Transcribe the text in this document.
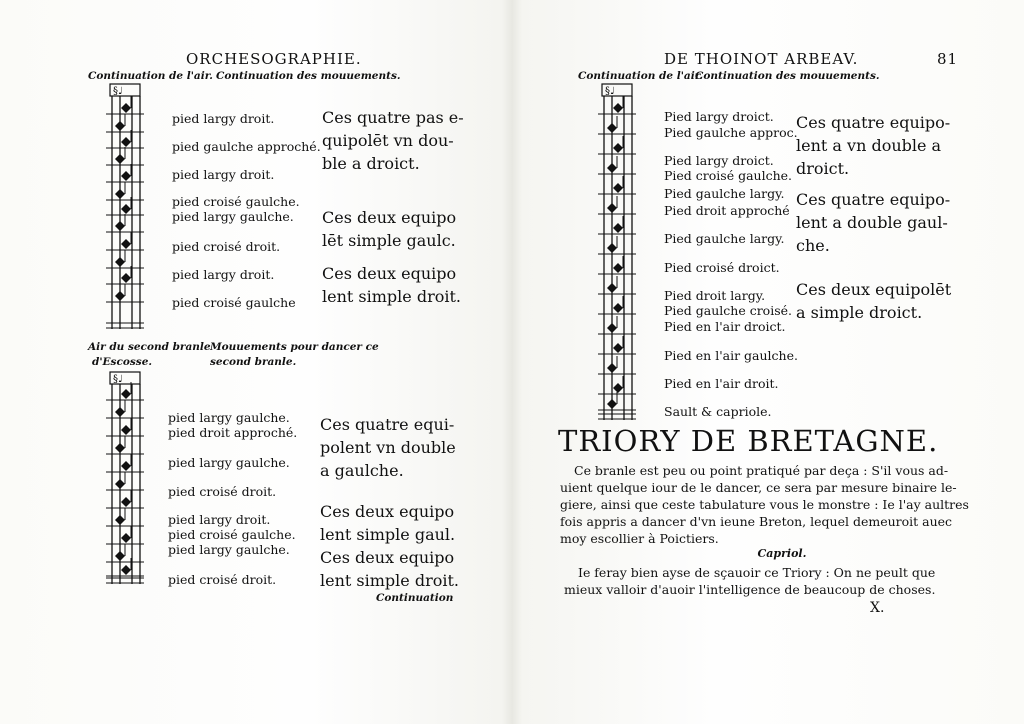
ORCHESOGRAPHIE.
Continuation de l'air. Continuation des mouuements.
§♩
pied largy droit.
pied gaulche approché.
pied largy droit.
pied croisé gaulche.
pied largy gaulche.
pied croisé droit.
pied largy droit.
pied croisé gaulche
Ces quatre pas e-
quipolēt vn dou-
ble a droict.
Ces deux equipo
lēt simple gaulc.
Ces deux equipo
lent simple droit.
Air du second branle
d'Escosse.
Mouuements pour dancer ce
second branle.
§♩
pied largy gaulche.
pied droit approché.
pied largy gaulche.
pied croisé droit.
pied largy droit.
pied croisé gaulche.
pied largy gaulche.
pied croisé droit.
Ces quatre equi-
polent vn double
a gaulche.
Ces deux equipo
lent simple gaul.
Ces deux equipo
lent simple droit.
Continuation
DE THOINOT ARBEAV.	81
Continuation de l'air.
Continuation des mouuements.
§♩
Pied largy droict.
Pied gaulche approc.
Pied largy droict.
Pied croisé gaulche.
Pied gaulche largy.
Pied droit approché
Pied gaulche largy.
Pied croisé droict.
Pied droit largy.
Pied gaulche croisé.
Pied en l'air droict.
Pied en l'air gaulche.
Pied en l'air droit.
Sault & capriole.
Ces quatre equipo-
lent a vn double a
droict.
Ces quatre equipo-
lent a double gaul-
che.
Ces deux equipolēt
a simple droict.
TRIORY DE BRETAGNE.
Ce branle est peu ou point pratiqué par deça : S'il vous ad-
uient quelque iour de le dancer, ce sera par mesure binaire le-
giere, ainsi que ceste tabulature vous le monstre : Ie l'ay aultres
fois appris a dancer d'vn ieune Breton, lequel demeuroit auec
moy escollier à Poictiers.
Capriol.
Ie feray bien ayse de sçauoir ce Triory : On ne peult que
mieux valloir d'auoir l'intelligence de beaucoup de choses.
X.
